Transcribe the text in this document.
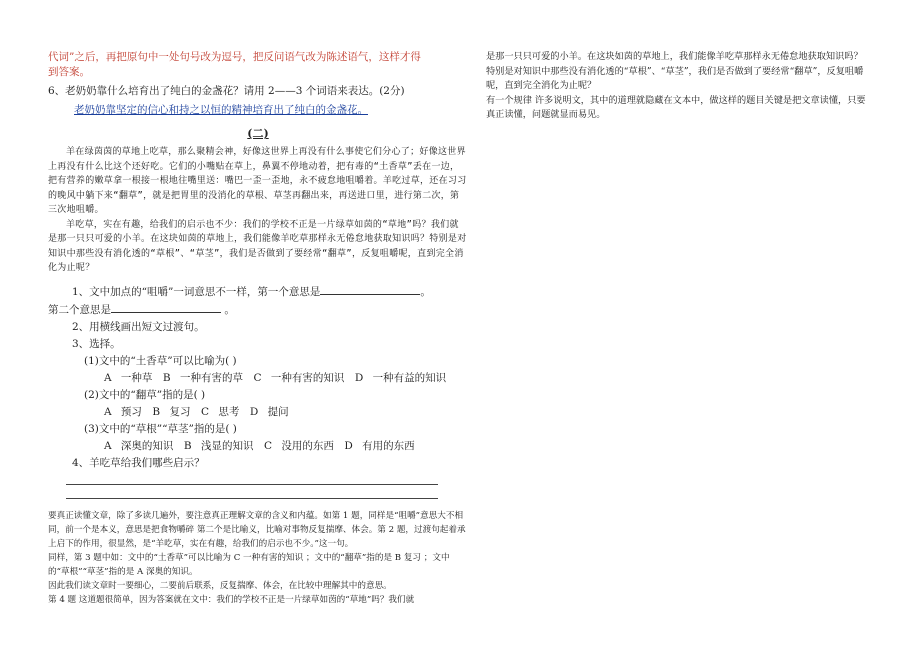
代词”之后，再把原句中一处句号改为逗号，把反问语气改为陈述语气，这样才得

到答案。

6、老奶奶靠什么培育出了纯白的金盏花？请用 2——3 个词语来表达。(2分)

老奶奶靠坚定的信心和持之以恒的精神培育出了纯白的金盏花。

(二)

羊在绿茵茵的草地上吃草，那么聚精会神，好像这世界上再没有什么事使它们分心了；好像这世界上再没有什么比这个还好吃。它们的小嘴贴在草上，鼻翼不停地动着，把有毒的“土香草”丢在一边，把有营养的嫩草拿一根接一根地往嘴里送：嘴巴一歪一歪地，永不疲怠地咀嚼着。羊吃过草，还在习习的晚风中躺下来“翻草”，就是把胃里的没消化的草根、草茎再翻出来，再送进口里，进行第二次，第三次地咀嚼。

羊吃草，实在有趣，给我们的启示也不少：我们的学校不正是一片绿草如茵的“草地”吗？我们就是那一只只可爱的小羊。在这块如茵的草地上，我们能像羊吃草那样永无倦怠地获取知识吗？特别是对知识中那些没有消化透的“草根”、“草茎”，我们是否做到了要经常“翻草”，反复咀嚼呢，直到完全消化为止呢？

1、文中加点的“咀嚼”一词意思不一样，第一个意思是	。

第二个意思是	。

2、用横线画出短文过渡句。

3、选择。

(1)文中的“土香草”可以比喻为( )

A 一种草　B 一种有害的草　C 一种有害的知识　D 一种有益的知识

(2)文中的“翻草”指的是( )

A 预习　B 复习　C 思考　D 提问

(3)文中的“草根”“草茎”指的是( )

A 深奥的知识　B 浅显的知识　C 没用的东西　D 有用的东西

4、羊吃草给我们哪些启示？

要真正读懂文章，除了多读几遍外，要注意真正理解文章的含义和内蕴。如第 1 题，同样是“咀嚼”意思大不相同，前一个是本义，意思是把食物嚼碎 第二个是比喻义，比喻对事物反复揣摩、体会。第 2 题，过渡句起着承上启下的作用，很显然，是“羊吃草，实在有趣，给我们的启示也不少。”这一句。

同样，第 3 题中如：文中的“土香草”可以比喻为 C 一种有害的知识 ；文中的“翻草”指的是 B 复习 ；文中的“草根”“草茎”指的是 A 深奥的知识。

因此我们读文章时一要细心，二要前后联系，反复揣摩、体会，在比较中理解其中的意思。

第 4 题 这道题很简单，因为答案就在文中：我们的学校不正是一片绿草如茵的“草地”吗？我们就

是那一只只可爱的小羊。在这块如茵的草地上，我们能像羊吃草那样永无倦怠地获取知识吗？

特别是对知识中那些没有消化透的“草根”、“草茎”，我们是否做到了要经常“翻草”，反复咀嚼

呢，直到完全消化为止呢？

有一个规律 许多说明文，其中的道理就隐藏在文本中，做这样的题目关键是把文章读懂，只要

真正读懂，问题就显而易见。
